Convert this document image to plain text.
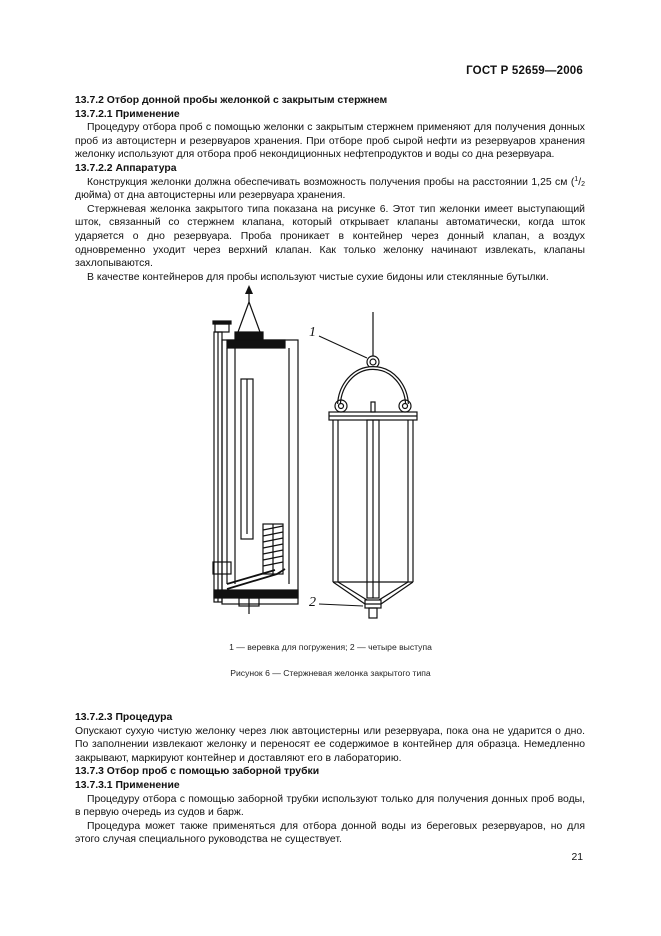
ГОСТ Р 52659—2006

13.7.2 Отбор донной пробы желонкой с закрытым стержнем

13.7.2.1 Применение

Процедуру отбора проб с помощью желонки с закрытым стержнем применяют для получения донных проб из автоцистерн и резервуаров хранения. При отборе проб сырой нефти из резервуаров хранения желонку используют для отбора проб некондиционных нефтепродуктов и воды со дна резервуара.

13.7.2.2 Аппаратура

Конструкция желонки должна обеспечивать возможность получения пробы на расстоянии 1,25 см ($^1/_2$ дюйма) от дна автоцистерны или резервуара хранения.

Стержневая желонка закрытого типа показана на рисунке 6. Этот тип желонки имеет выступающий шток, связанный со стержнем клапана, который открывает клапаны автоматически, когда шток ударяется о дно резервуара. Проба проникает в контейнер через донный клапан, а воздух одновременно уходит через верхний клапан. Как только желонку начинают извлекать, клапаны захлопываются.

В качестве контейнеров для пробы используют чистые сухие бидоны или стеклянные бутылки.

1
2
1 — веревка для погружения; 2 — четыре выступа
Рисунок 6 — Стержневая желонка закрытого типа

13.7.2.3 Процедура

Опускают сухую чистую желонку через люк автоцистерны или резервуара, пока она не ударится о дно. По заполнении извлекают желонку и переносят ее содержимое в контейнер для образца. Немедленно закрывают, маркируют контейнер и доставляют его в лабораторию.

13.7.3 Отбор проб с помощью заборной трубки

13.7.3.1 Применение

Процедуру отбора с помощью заборной трубки используют только для получения донных проб воды, в первую очередь из судов и барж.

Процедура может также применяться для отбора донной воды из береговых резервуаров, но для этого случая специального руководства не существует.

21
